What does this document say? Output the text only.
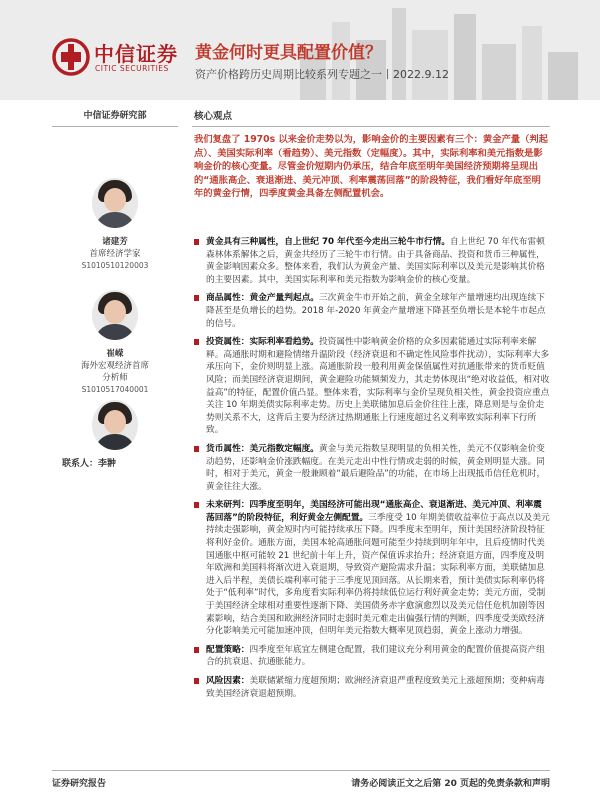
中信证券
CITIC SECURITIES
黄金何时更具配置价值？
资产价格跨历史周期比较系列专题之一丨2022.9.12
中信证券研究部	核心观点
诸建芳
首席经济学家
S1010510120003
崔嵘
海外宏观经济首席
分析师
S1010517040001
联系人：李翀

我们复盘了 1970s 以来金价走势以为，影响金价的主要因素有三个：黄金产量（判起点）、美国实际利率（看趋势）、美元指数（定幅度）。其中，实际利率和美元指数是影响金价的核心变量。尽管金价短期内仍承压，结合年底至明年美国经济预期将呈现出的“通胀高企、衰退渐进、美元冲顶、利率震荡回落”的阶段特征，我们看好年底至明年的黄金行情，四季度黄金具备左侧配置机会。

黄金具有三种属性，自上世纪 70 年代至今走出三轮牛市行情。自上世纪 70 年代布雷顿森林体系解体之后，黄金共经历了三轮牛市行情。由于具备商品、投资和货币三种属性，黄金影响因素众多。整体来看，我们认为黄金产量、美国实际利率以及美元是影响其价格的主要因素。其中，美国实际利率和美元指数为影响金价的核心变量。
商品属性：黄金产量判起点。三次黄金牛市开始之前，黄金全球年产量增速均出现连续下降甚至是负增长的趋势。2018 年-2020 年黄金产量增速下降甚至负增长是本轮牛市起点的信号。
投资属性：实际利率看趋势。投资属性中影响黄金价格的众多因素能通过实际利率来解释。高通胀时期和避险情绪升温阶段（经济衰退和不确定性风险事件扰动），实际利率大多承压向下，金价则明显上涨。高通胀阶段一般利用黄金保值属性对抗通胀带来的货币贬值风险；而美国经济衰退期间，黄金避险功能频频发力，其走势体现出“绝对收益低，相对收益高”的特征，配置价值凸显。整体来看，实际利率与金价呈现负相关性，黄金投资应重点关注 10 年期美债实际利率走势。历史上美联储加息后金价往往上涨，降息则是与金价走势则关系不大，这背后主要为经济过热期通胀上行速度超过名义利率致实际利率下行所致。
货币属性：美元指数定幅度。黄金与美元指数呈现明显的负相关性，美元不仅影响金价变动趋势，还影响金价涨跌幅度。在美元走出中性行情或走弱的时候，黄金则明显大涨。同时，相对于美元，黄金一般兼顾着“最后避险品”的功能，在市场上出现抵币信任危机时，黄金往往大涨。
未来研判：四季度至明年，美国经济可能出现“通胀高企、衰退渐进、美元冲顶、利率震荡回落”的阶段特征，利好黄金左侧配置。三季度受 10 年期美债收益率位于高点以及美元持续走强影响，黄金短时内可能持续承压下降。四季度末至明年，预计美国经济阶段特征将利好金价。通胀方面，美国本轮高通胀问题可能至少持续到明年年中，且后疫情时代美国通胀中枢可能较 21 世纪前十年上升，资产保值诉求抬升；经济衰退方面，四季度及明年欧洲和美国料将渐次进入衰退期，导致资产避险需求升温；实际利率方面，美联储加息进入后半程，美债长端利率可能于三季度见顶回落。从长期来看，预计美债实际利率仍将处于“低利率”时代，多角度看实际利率仍将持续低位运行利好黄金走势；美元方面，受制于美国经济全球相对重要性逐渐下降、美国债务赤字愈演愈烈以及美元信任危机加剧等因素影响，结合美国和欧洲经济同时走弱时美元难走出偏强行情的判断，四季度受美欧经济分化影响美元可能加速冲顶，但明年美元指数大概率见顶趋弱，黄金上涨动力增强。
配置策略：四季度至年底宜左侧建仓配置，我们建议充分利用黄金的配置价值提高资产组合的抗衰退、抗通胀能力。
风险因素：美联储紧缩力度超预期；欧洲经济衰退严重程度致美元上涨超预期；变种病毒致美国经济衰退超预期。
证券研究报告	请务必阅读正文之后第 20 页起的免责条款和声明
